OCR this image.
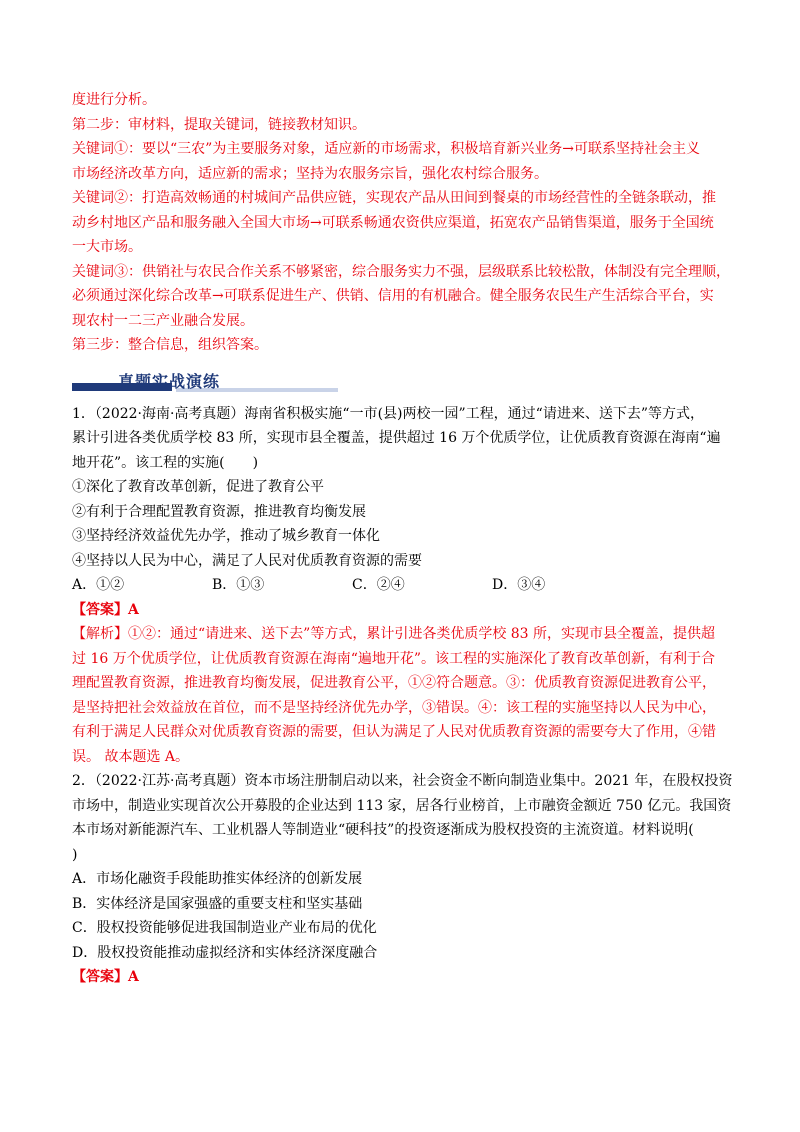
度进行分析。
第二步：审材料，提取关键词，链接教材知识。
关键词①：要以“三农”为主要服务对象，适应新的市场需求，积极培育新兴业务→可联系坚持社会主义
市场经济改革方向，适应新的需求；坚持为农服务宗旨，强化农村综合服务。
关键词②：打造高效畅通的村城间产品供应链，实现农产品从田间到餐桌的市场经营性的全链条联动，推
动乡村地区产品和服务融入全国大市场→可联系畅通农资供应渠道，拓宽农产品销售渠道，服务于全国统
一大市场。
关键词③：供销社与农民合作关系不够紧密，综合服务实力不强，层级联系比较松散，体制没有完全理顺，
必须通过深化综合改革→可联系促进生产、供销、信用的有机融合。健全服务农民生产生活综合平台，实
现农村一二三产业融合发展。
第三步：整合信息，组织答案。
真题实战演练
1．（2022·海南·高考真题）海南省积极实施“一市(县)两校一园”工程，通过“请进来、送下去”等方式，
累计引进各类优质学校 83 所，实现市县全覆盖，提供超过 16 万个优质学位，让优质教育资源在海南“遍
地开花”。该工程的实施(　　)
①深化了教育改革创新，促进了教育公平
②有利于合理配置教育资源，推进教育均衡发展
③坚持经济效益优先办学，推动了城乡教育一体化
④坚持以人民为中心，满足了人民对优质教育资源的需要
A．①②	B．①③	C．②④	D．③④
【答案】A
【解析】①②：通过“请进来、送下去”等方式，累计引进各类优质学校 83 所，实现市县全覆盖，提供超
过 16 万个优质学位，让优质教育资源在海南“遍地开花”。该工程的实施深化了教育改革创新，有利于合
理配置教育资源，推进教育均衡发展，促进教育公平，①②符合题意。③：优质教育资源促进教育公平，
是坚持把社会效益放在首位，而不是坚持经济优先办学，③错误。④：该工程的实施坚持以人民为中心，
有利于满足人民群众对优质教育资源的需要，但认为满足了人民对优质教育资源的需要夸大了作用，④错
误。 故本题选 A。
2．（2022·江苏·高考真题）资本市场注册制启动以来，社会资金不断向制造业集中。2021 年，在股权投资
市场中，制造业实现首次公开募股的企业达到 113 家，居各行业榜首，上市融资金额近 750 亿元。我国资
本市场对新能源汽车、工业机器人等制造业“硬科技”的投资逐渐成为股权投资的主流资道。材料说明(
)
A．市场化融资手段能助推实体经济的创新发展
B．实体经济是国家强盛的重要支柱和坚实基础
C．股权投资能够促进我国制造业产业布局的优化
D．股权投资能推动虚拟经济和实体经济深度融合
【答案】A
